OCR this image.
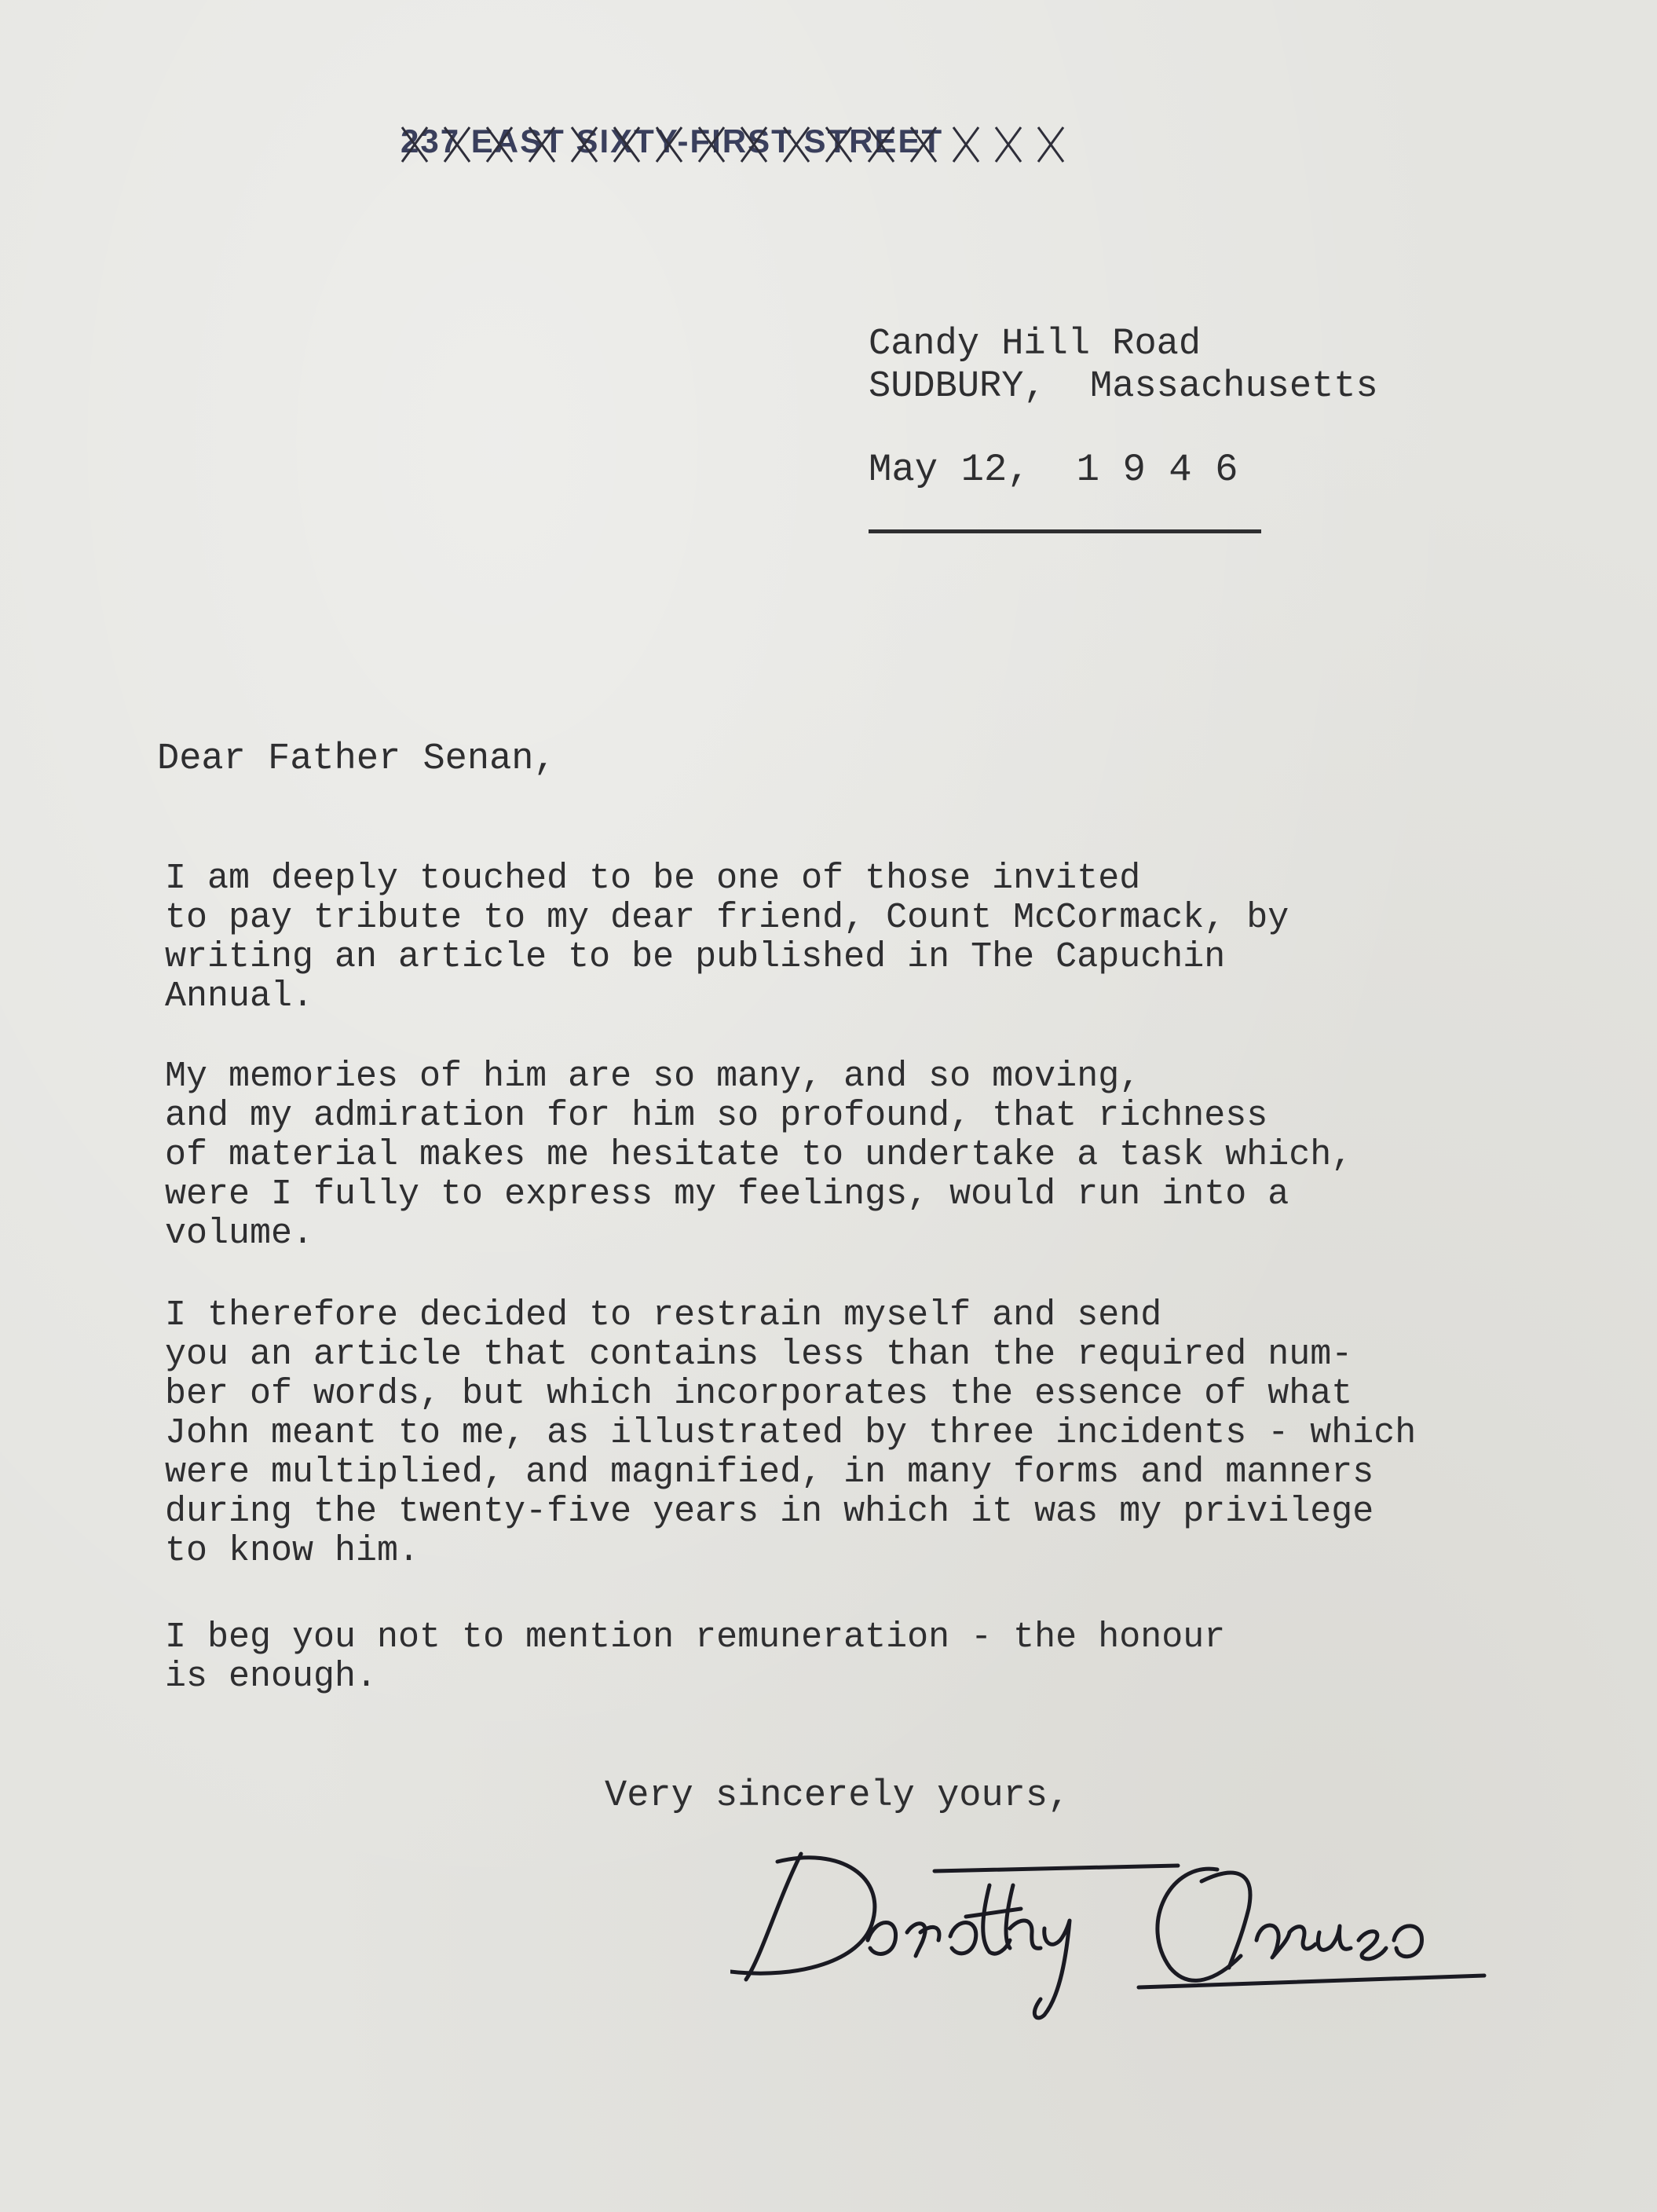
237 EAST SIXTY-FIRST STREET
Candy Hill Road
SUDBURY,  Massachusetts
May 12,  1 9 4 6
Dear Father Senan,

I am deeply touched to be one of those invited
to pay tribute to my dear friend, Count McCormack, by
writing an article to be published in The Capuchin
Annual.

My memories of him are so many, and so moving,
and my admiration for him so profound, that richness
of material makes me hesitate to undertake a task which,
were I fully to express my feelings, would run into a
volume.

I therefore decided to restrain myself and send
you an article that contains less than the required num-
ber of words, but which incorporates the essence of what
John meant to me, as illustrated by three incidents - which
were multiplied, and magnified, in many forms and manners
during the twenty-five years in which it was my privilege
to know him.

I beg you not to mention remuneration - the honour
is enough.

Very sincerely yours,
